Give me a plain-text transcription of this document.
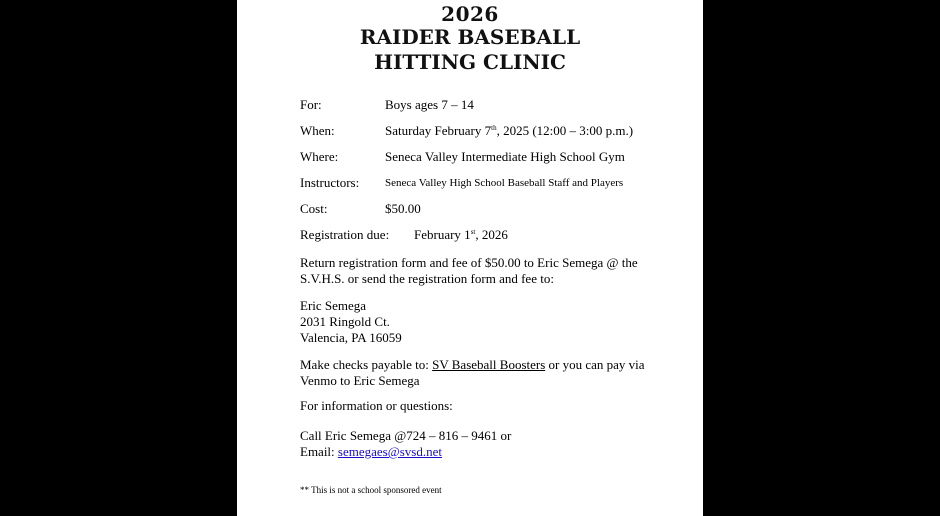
2026
RAIDER BASEBALL
HITTING CLINIC
For:	Boys ages 7 – 14
When:	Saturday February 7th, 2025 (12:00 – 3:00 p.m.)
Where:	Seneca Valley Intermediate High School Gym
Instructors: Seneca Valley High School Baseball Staff and Players
Cost:	$50.00
Registration due: February 1st, 2026
Return registration form and fee of $50.00 to Eric Semega @ the
S.V.H.S. or send the registration form and fee to:
Eric Semega
2031 Ringold Ct.
Valencia, PA 16059
Make checks payable to: SV Baseball Boosters or you can pay via
Venmo to Eric Semega
For information or questions:
Call Eric Semega @724 – 816 – 9461 or
Email: semegaes@svsd.net
** This is not a school sponsored event
